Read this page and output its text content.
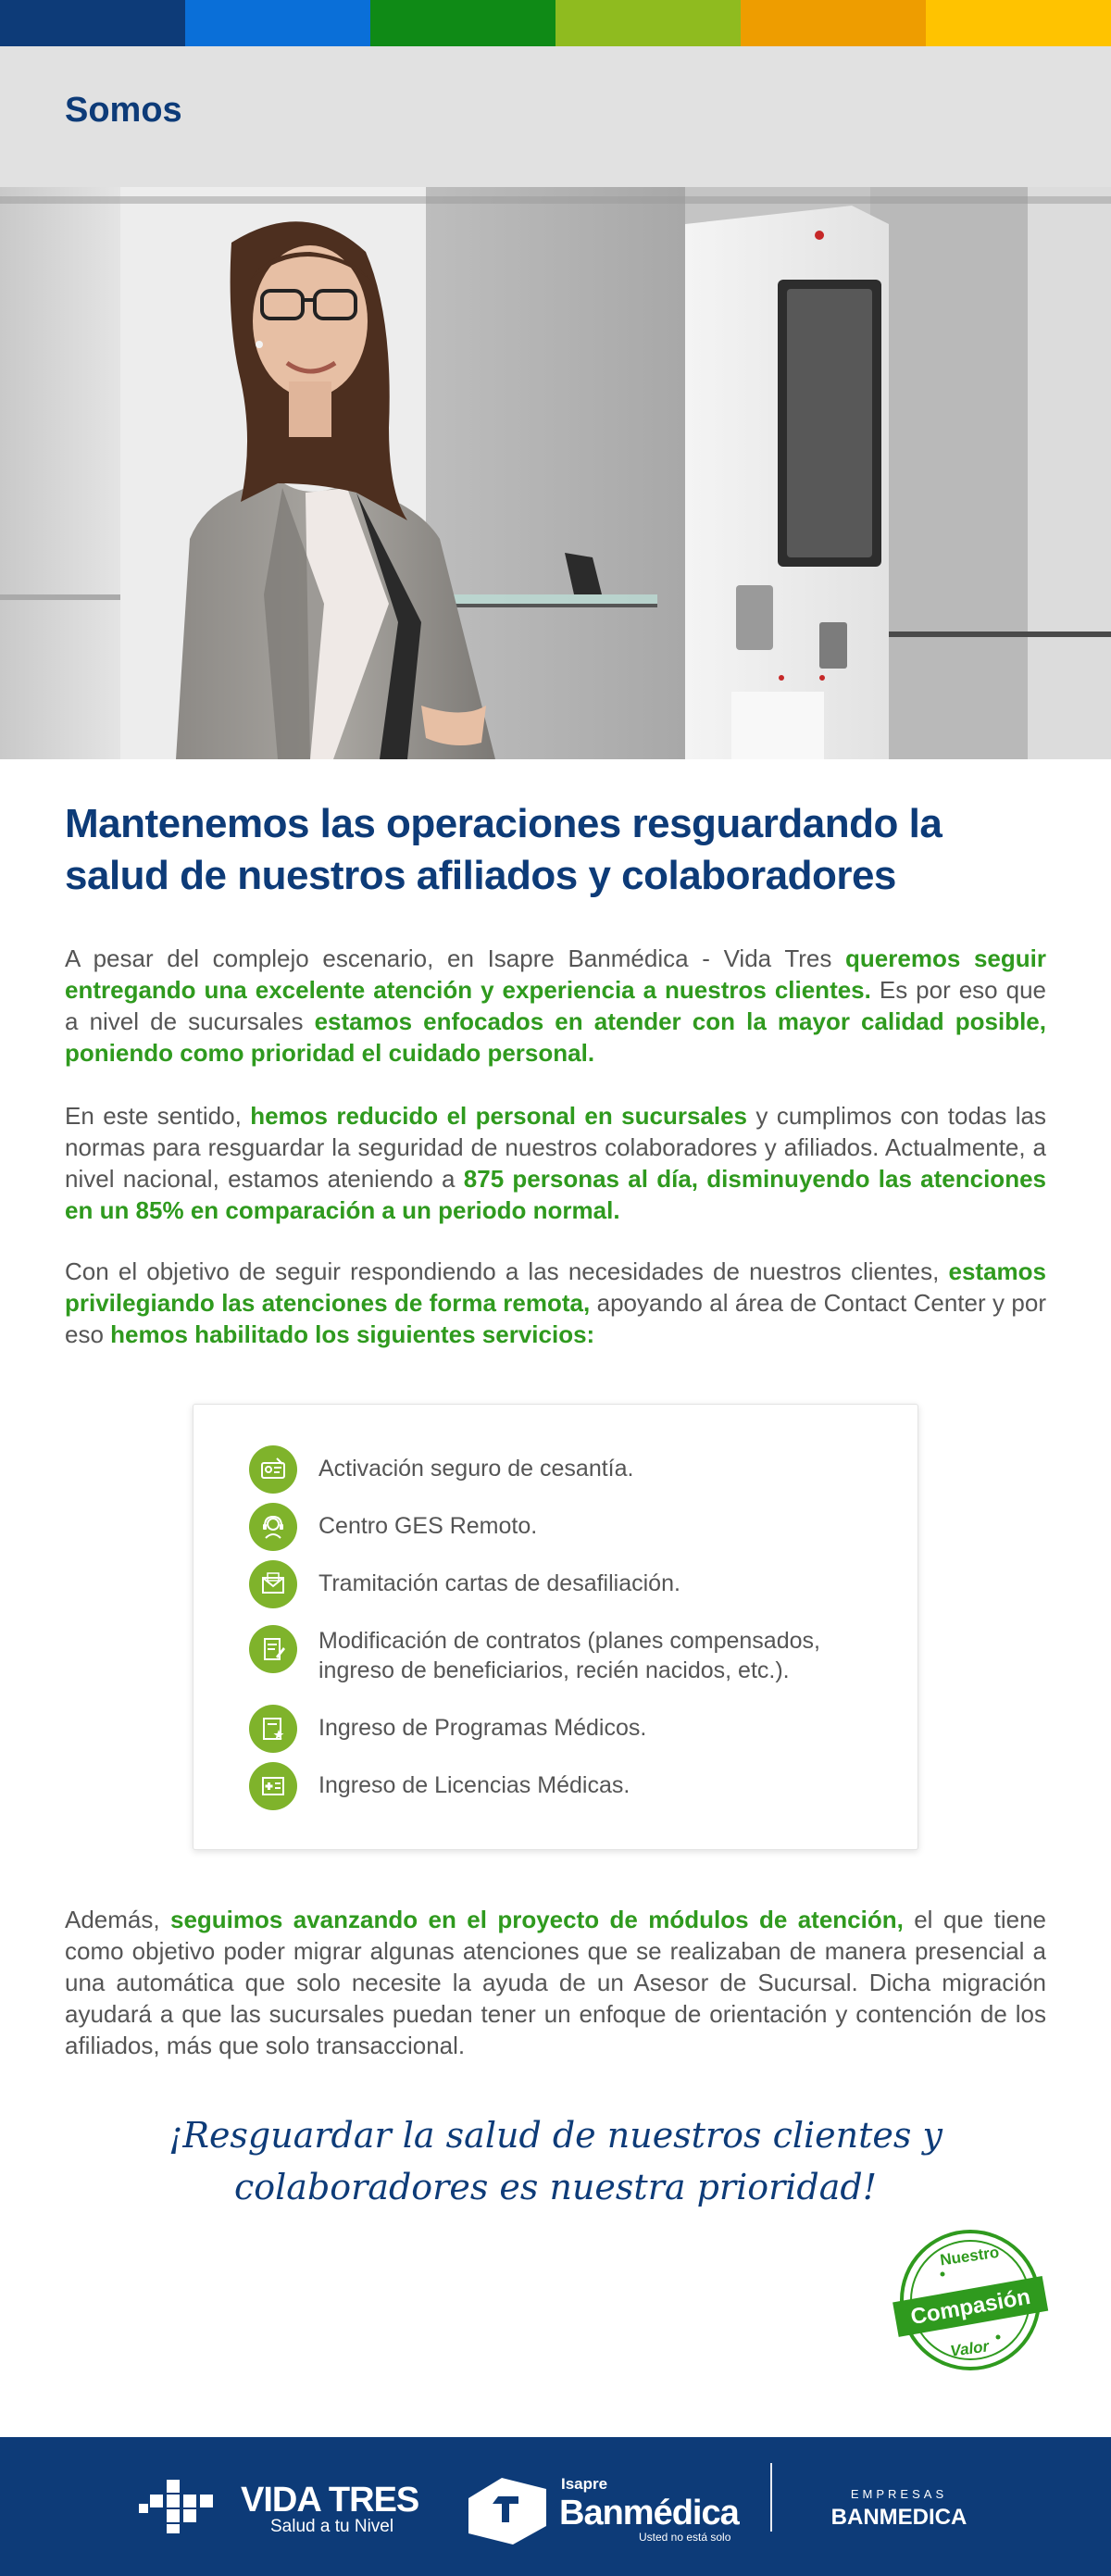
Somos
Mantenemos las operaciones resguardando la salud de nuestros afiliados y colaboradores

A pesar del complejo escenario, en Isapre Banmédica - Vida Tres queremos seguir entregando una excelente atención y experiencia a nuestros clientes. Es por eso que a nivel de sucursales estamos enfocados en atender con la mayor calidad posible, poniendo como prioridad el cuidado personal.

En este sentido, hemos reducido el personal en sucursales y cumplimos con todas las normas para resguardar la seguridad de nuestros colaboradores y afiliados. Actualmente, a nivel nacional, estamos ateniendo a 875 personas al día, disminuyendo las atenciones en un 85% en comparación a un periodo normal.

Con el objetivo de seguir respondiendo a las necesidades de nuestros clientes, estamos privilegiando las atenciones de forma remota, apoyando al área de Contact Center y por eso hemos habilitado los siguientes servicios:

Activación seguro de cesantía.
Centro GES Remoto.
Tramitación cartas de desafiliación.
Modificación de contratos (planes compensados, ingreso de beneficiarios, recién nacidos, etc.).
Ingreso de Programas Médicos.
Ingreso de Licencias Médicas.

Además, seguimos avanzando en el proyecto de módulos de atención, el que tiene como objetivo poder migrar algunas atenciones que se realizaban de manera presencial a una automática que solo necesite la ayuda de un Asesor de Sucursal. Dicha migración ayudará a que las sucursales puedan tener un enfoque de orientación y contención de los afiliados, más que solo transaccional.

¡Resguardar la salud de nuestros clientes y
colaboradores es nuestra prioridad!
Nuestro
Valor
Compasión
VIDA TRES
Salud a tu Nivel
Isapre
Banmédica
Usted no está solo
EMPRESAS
BANMEDICA
